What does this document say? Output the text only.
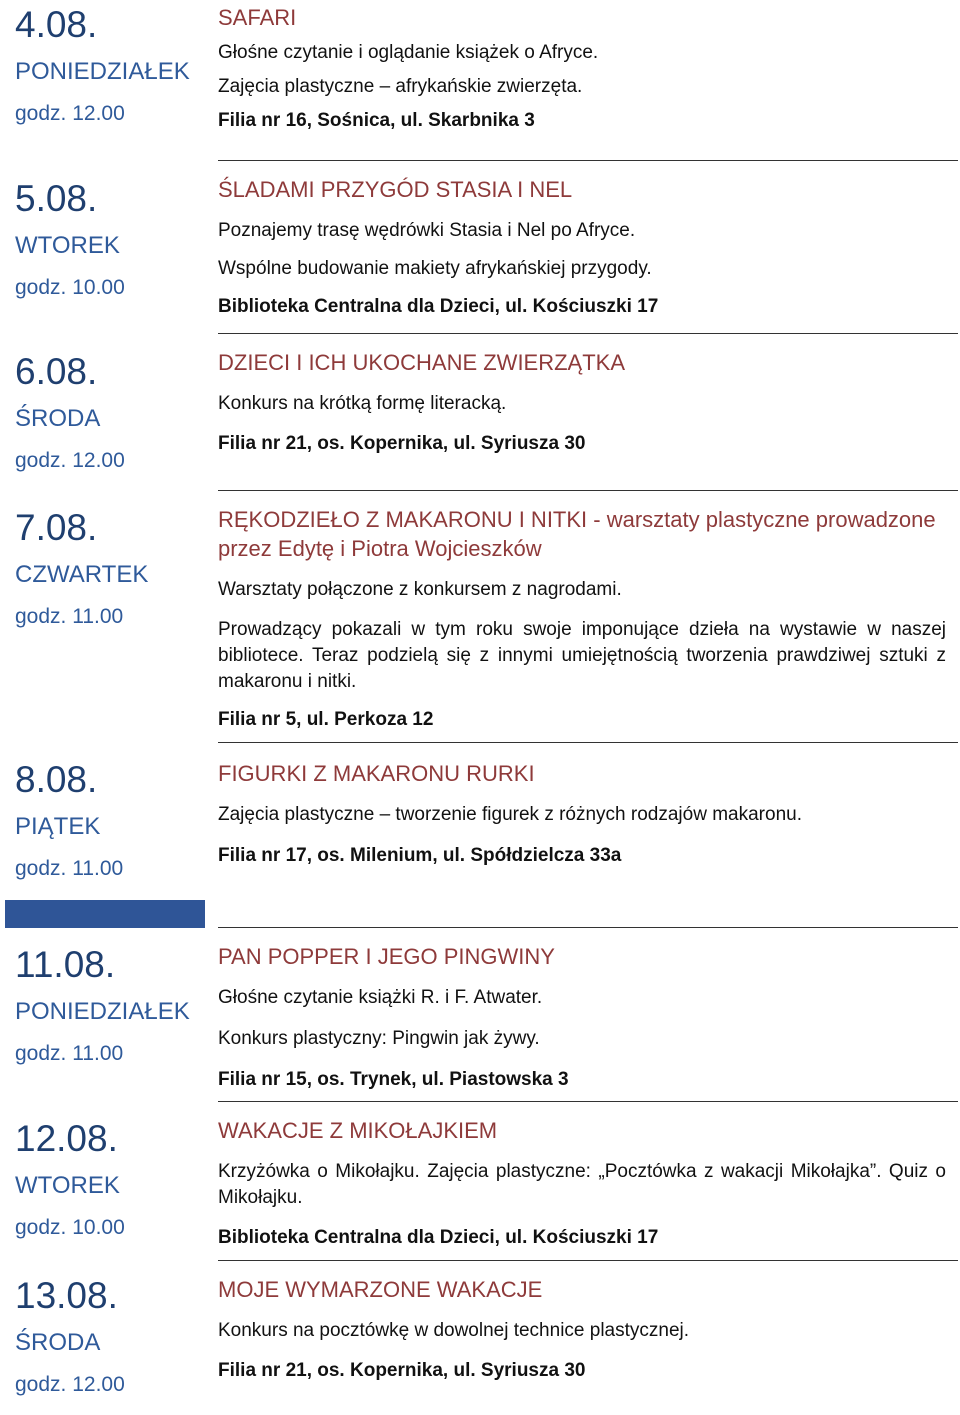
4.08.
PONIEDZIAŁEK
godz. 12.00
5.08.
WTOREK
godz. 10.00
6.08.
ŚRODA
godz. 12.00
7.08.
CZWARTEK
godz. 11.00
8.08.
PIĄTEK
godz. 11.00
11.08.
PONIEDZIAŁEK
godz. 11.00
12.08.
WTOREK
godz. 10.00
13.08.
ŚRODA
godz. 12.00
SAFARI
Głośne czytanie i oglądanie książek o Afryce.
Zajęcia plastyczne – afrykańskie zwierzęta.
Filia nr 16, Sośnica, ul. Skarbnika 3
ŚLADAMI PRZYGÓD STASIA I NEL
Poznajemy trasę wędrówki Stasia i Nel po Afryce.
Wspólne budowanie makiety afrykańskiej przygody.
Biblioteka Centralna dla Dzieci, ul. Kościuszki 17
DZIECI I ICH UKOCHANE ZWIERZĄTKA
Konkurs na krótką formę literacką.
Filia nr 21, os. Kopernika, ul. Syriusza 30
RĘKODZIEŁO Z MAKARONU I NITKI - warsztaty plastyczne prowadzone przez Edytę i Piotra Wojcieszków
Warsztaty połączone z konkursem z nagrodami.
Prowadzący pokazali w tym roku swoje imponujące dzieła na wystawie w naszej bibliotece. Teraz podzielą się z innymi umiejętnością tworzenia prawdziwej sztuki z makaronu i nitki.
Filia nr 5, ul. Perkoza 12
FIGURKI Z MAKARONU RURKI
Zajęcia plastyczne – tworzenie figurek z różnych rodzajów makaronu.
Filia nr 17, os. Milenium, ul. Spółdzielcza 33a
PAN POPPER I JEGO PINGWINY
Głośne czytanie książki R. i F. Atwater.
Konkurs plastyczny: Pingwin jak żywy.
Filia nr 15, os. Trynek, ul. Piastowska 3
WAKACJE Z MIKOŁAJKIEM
Krzyżówka o Mikołajku. Zajęcia plastyczne: „Pocztówka z wakacji Mikołajka”. Quiz o Mikołajku.
Biblioteka Centralna dla Dzieci, ul. Kościuszki 17
MOJE WYMARZONE WAKACJE
Konkurs na pocztówkę w dowolnej technice plastycznej.
Filia nr 21, os. Kopernika, ul. Syriusza 30
